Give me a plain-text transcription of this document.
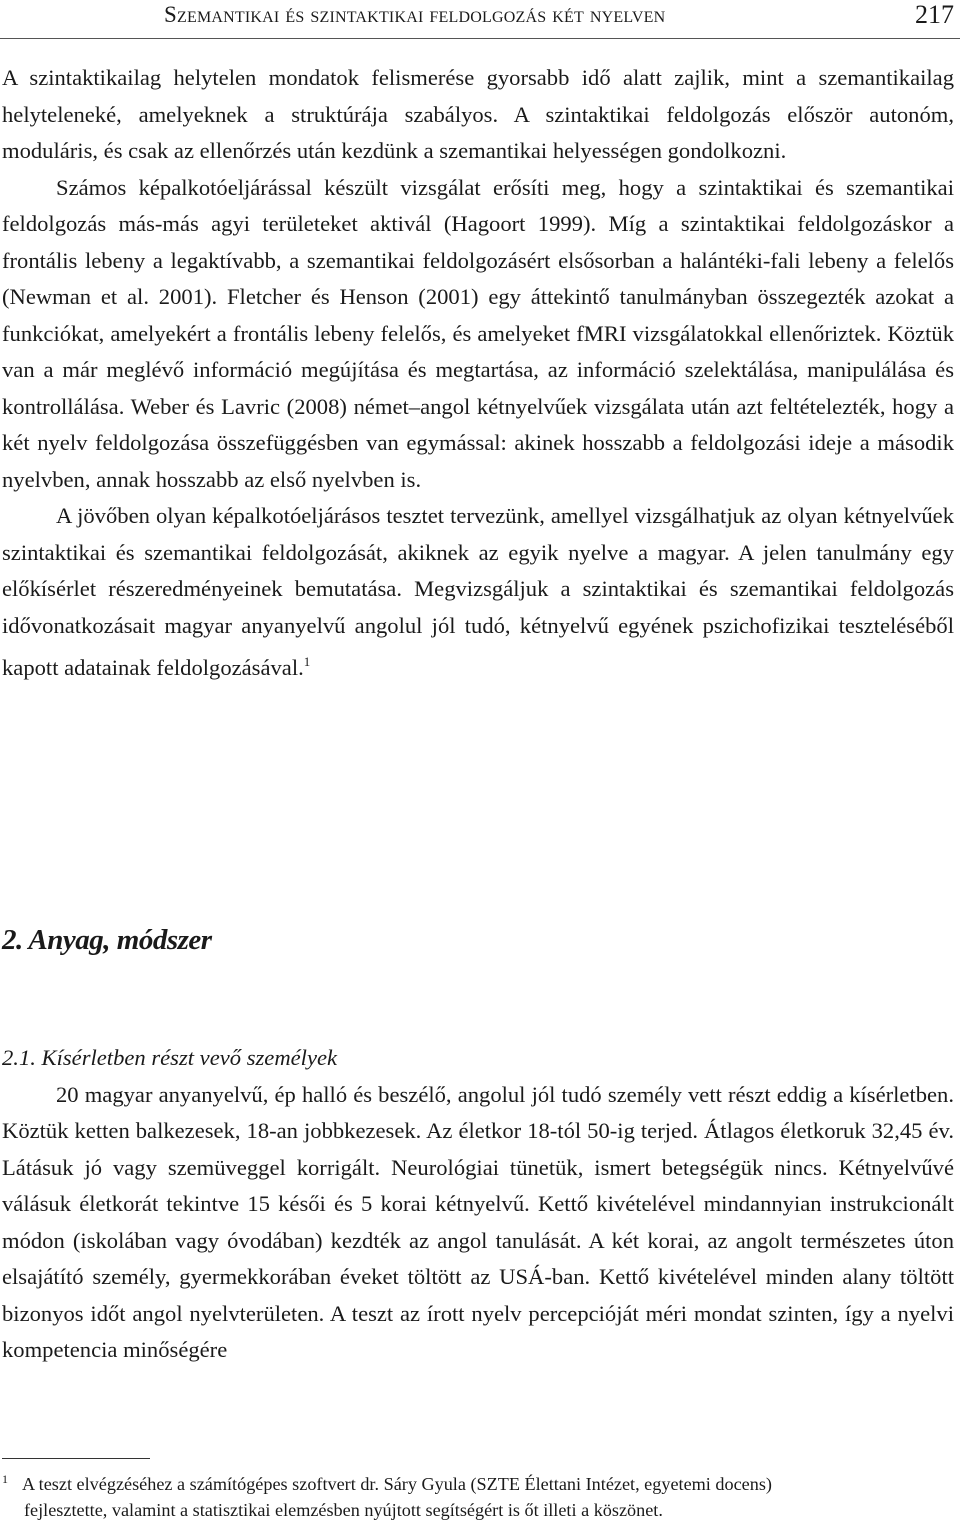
Szemantikai és szintaktikai feldolgozás két nyelven	217

A szintaktikailag helytelen mondatok felismerése gyorsabb idő alatt zajlik, mint a szemantikailag helyteleneké, amelyeknek a struktúrája szabályos. A szintaktikai feldolgozás először autonóm, moduláris, és csak az ellenőrzés után kezdünk a szemantikai helyességen gondolkozni.

Számos képalkotóeljárással készült vizsgálat erősíti meg, hogy a szintaktikai és szemantikai feldolgozás más-más agyi területeket aktivál (Hagoort 1999). Míg a szintaktikai feldolgozáskor a frontális lebeny a legaktívabb, a szemantikai feldolgozásért elsősorban a halántéki-fali lebeny a felelős (Newman et al. 2001). Fletcher és Henson (2001) egy áttekintő tanulmányban összegezték azokat a funkciókat, amelyekért a frontális lebeny felelős, és amelyeket fMRI vizsgálatokkal ellenőriztek. Köztük van a már meglévő információ megújítása és megtartása, az információ szelektálása, manipulálása és kontrollálása. Weber és Lavric (2008) német–angol kétnyelvűek vizsgálata után azt feltételezték, hogy a két nyelv feldolgozása összefüggésben van egymással: akinek hosszabb a feldolgozási ideje a második nyelvben, annak hosszabb az első nyelvben is.

A jövőben olyan képalkotóeljárásos tesztet tervezünk, amellyel vizsgálhatjuk az olyan kétnyelvűek szintaktikai és szemantikai feldolgozását, akiknek az egyik nyelve a magyar. A jelen tanulmány egy előkísérlet részeredményeinek bemutatása. Megvizsgáljuk a szintaktikai és szemantikai feldolgozás idővonatkozásait magyar anyanyelvű angolul jól tudó, kétnyelvű egyének pszichofizikai teszteléséből kapott adatainak feldolgozásával.$^1$

2. Anyag, módszer
2.1. Kísérletben részt vevő személyek

20 magyar anyanyelvű, ép halló és beszélő, angolul jól tudó személy vett részt eddig a kísérletben. Köztük ketten balkezesek, 18-an jobbkezesek. Az életkor 18-tól 50-ig terjed. Átlagos életkoruk 32,45 év. Látásuk jó vagy szemüveggel korrigált. Neurológiai tünetük, ismert betegségük nincs. Kétnyelvűvé válásuk életkorát tekintve 15 késői és 5 korai kétnyelvű. Kettő kivételével mindannyian instrukcionált módon (iskolában vagy óvodában) kezdték az angol tanulását. A két korai, az angolt természetes úton elsajátító személy, gyermekkorában éveket töltött az USÁ-ban. Kettő kivételével minden alany töltött bizonyos időt angol nyelvterületen. A teszt az írott nyelv percepcióját méri mondat szinten, így a nyelvi kompetencia minőségére

$^1$ A teszt elvégzéséhez a számítógépes szoftvert dr. Sáry Gyula (SZTE Élettani Intézet, egyetemi docens)
fejlesztette, valamint a statisztikai elemzésben nyújtott segítségért is őt illeti a köszönet.
